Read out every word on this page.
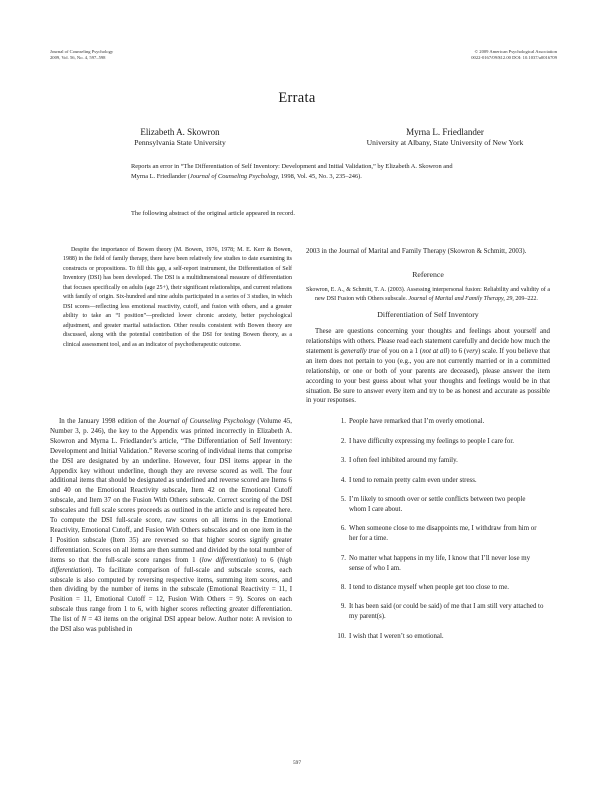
Journal of Counseling Psychology
2009, Vol. 56, No. 4, 597–598
© 2009 American Psychological Association
0022-0167/09/$12.00 DOI: 10.1037/a0016709
Errata
Elizabeth A. Skowron
Pennsylvania State University
Myrna L. Friedlander
University at Albany, State University of New York
Reports an error in “The Differentiation of Self Inventory: Development and Initial Validation,” by Elizabeth A. Skowron and Myrna L. Friedlander (Journal of Counseling Psychology, 1998, Vol. 45, No. 3, 235–246).
The following abstract of the original article appeared in record.
Despite the importance of Bowen theory (M. Bowen, 1976, 1978; M. E. Kerr & Bowen, 1988) in the field of family therapy, there have been relatively few studies to date examining its constructs or propositions. To fill this gap, a self-report instrument, the Differentiation of Self Inventory (DSI) has been developed. The DSI is a multidimensional measure of differentiation that focuses specifically on adults (age 25+), their significant relationships, and current relations with family of origin. Six-hundred and nine adults participated in a series of 3 studies, in which DSI scores—reflecting less emotional reactivity, cutoff, and fusion with others, and a greater ability to take an “I position”—predicted lower chronic anxiety, better psychological adjustment, and greater marital satisfaction. Other results consistent with Bowen theory are discussed, along with the potential contribution of the DSI for testing Bowen theory, as a clinical assessment tool, and as an indicator of psychotherapeutic outcome.

In the January 1998 edition of the Journal of Counseling Psychology (Volume 45, Number 3, p. 246), the key to the Appendix was printed incorrectly in Elizabeth A. Skowron and Myrna L. Friedlander’s article, “The Differentiation of Self Inventory: Development and Initial Validation.” Reverse scoring of individual items that comprise the DSI are designated by an underline. However, four DSI items appear in the Appendix key without underline, though they are reverse scored as well. The four additional items that should be designated as underlined and reverse scored are Items 6 and 40 on the Emotional Reactivity subscale, Item 42 on the Emotional Cutoff subscale, and Item 37 on the Fusion With Others subscale. Correct scoring of the DSI subscales and full scale scores proceeds as outlined in the article and is repeated here. To compute the DSI full-scale score, raw scores on all items in the Emotional Reactivity, Emotional Cutoff, and Fusion With Others subscales and on one item in the I Position subscale (Item 35) are reversed so that higher scores signify greater differentiation. Scores on all items are then summed and divided by the total number of items so that the full-scale score ranges from 1 (low differentiation) to 6 (high differentiation). To facilitate comparison of full-scale and subscale scores, each subscale is also computed by reversing respective items, summing item scores, and then dividing by the number of items in the subscale (Emotional Reactivity = 11, I Position = 11, Emotional Cutoff = 12, Fusion With Others = 9). Scores on each subscale thus range from 1 to 6, with higher scores reflecting greater differentiation. The list of N = 43 items on the original DSI appear below. Author note: A revision to the DSI also was published in

2003 in the Journal of Marital and Family Therapy (Skowron & Schmitt, 2003).

Reference
Skowron, E. A., & Schmitt, T. A. (2003). Assessing interpersonal fusion: Reliability and validity of a new DSI Fusion with Others subscale. Journal of Marital and Family Therapy, 29, 209–222.
Differentiation of Self Inventory

These are questions concerning your thoughts and feelings about yourself and relationships with others. Please read each statement carefully and decide how much the statement is generally true of you on a 1 (not at all) to 6 (very) scale. If you believe that an item does not pertain to you (e.g., you are not currently married or in a committed relationship, or one or both of your parents are deceased), please answer the item according to your best guess about what your thoughts and feelings would be in that situation. Be sure to answer every item and try to be as honest and accurate as possible in your responses.

1. People have remarked that I’m overly emotional.
2. I have difficulty expressing my feelings to people I care for.
3. I often feel inhibited around my family.
4. I tend to remain pretty calm even under stress.
5. I’m likely to smooth over or settle conflicts between two people whom I care about.
6. When someone close to me disappoints me, I withdraw from him or her for a time.
7. No matter what happens in my life, I know that I’ll never lose my sense of who I am.
8. I tend to distance myself when people get too close to me.
9. It has been said (or could be said) of me that I am still very attached to my parent(s).
10. I wish that I weren’t so emotional.
597
